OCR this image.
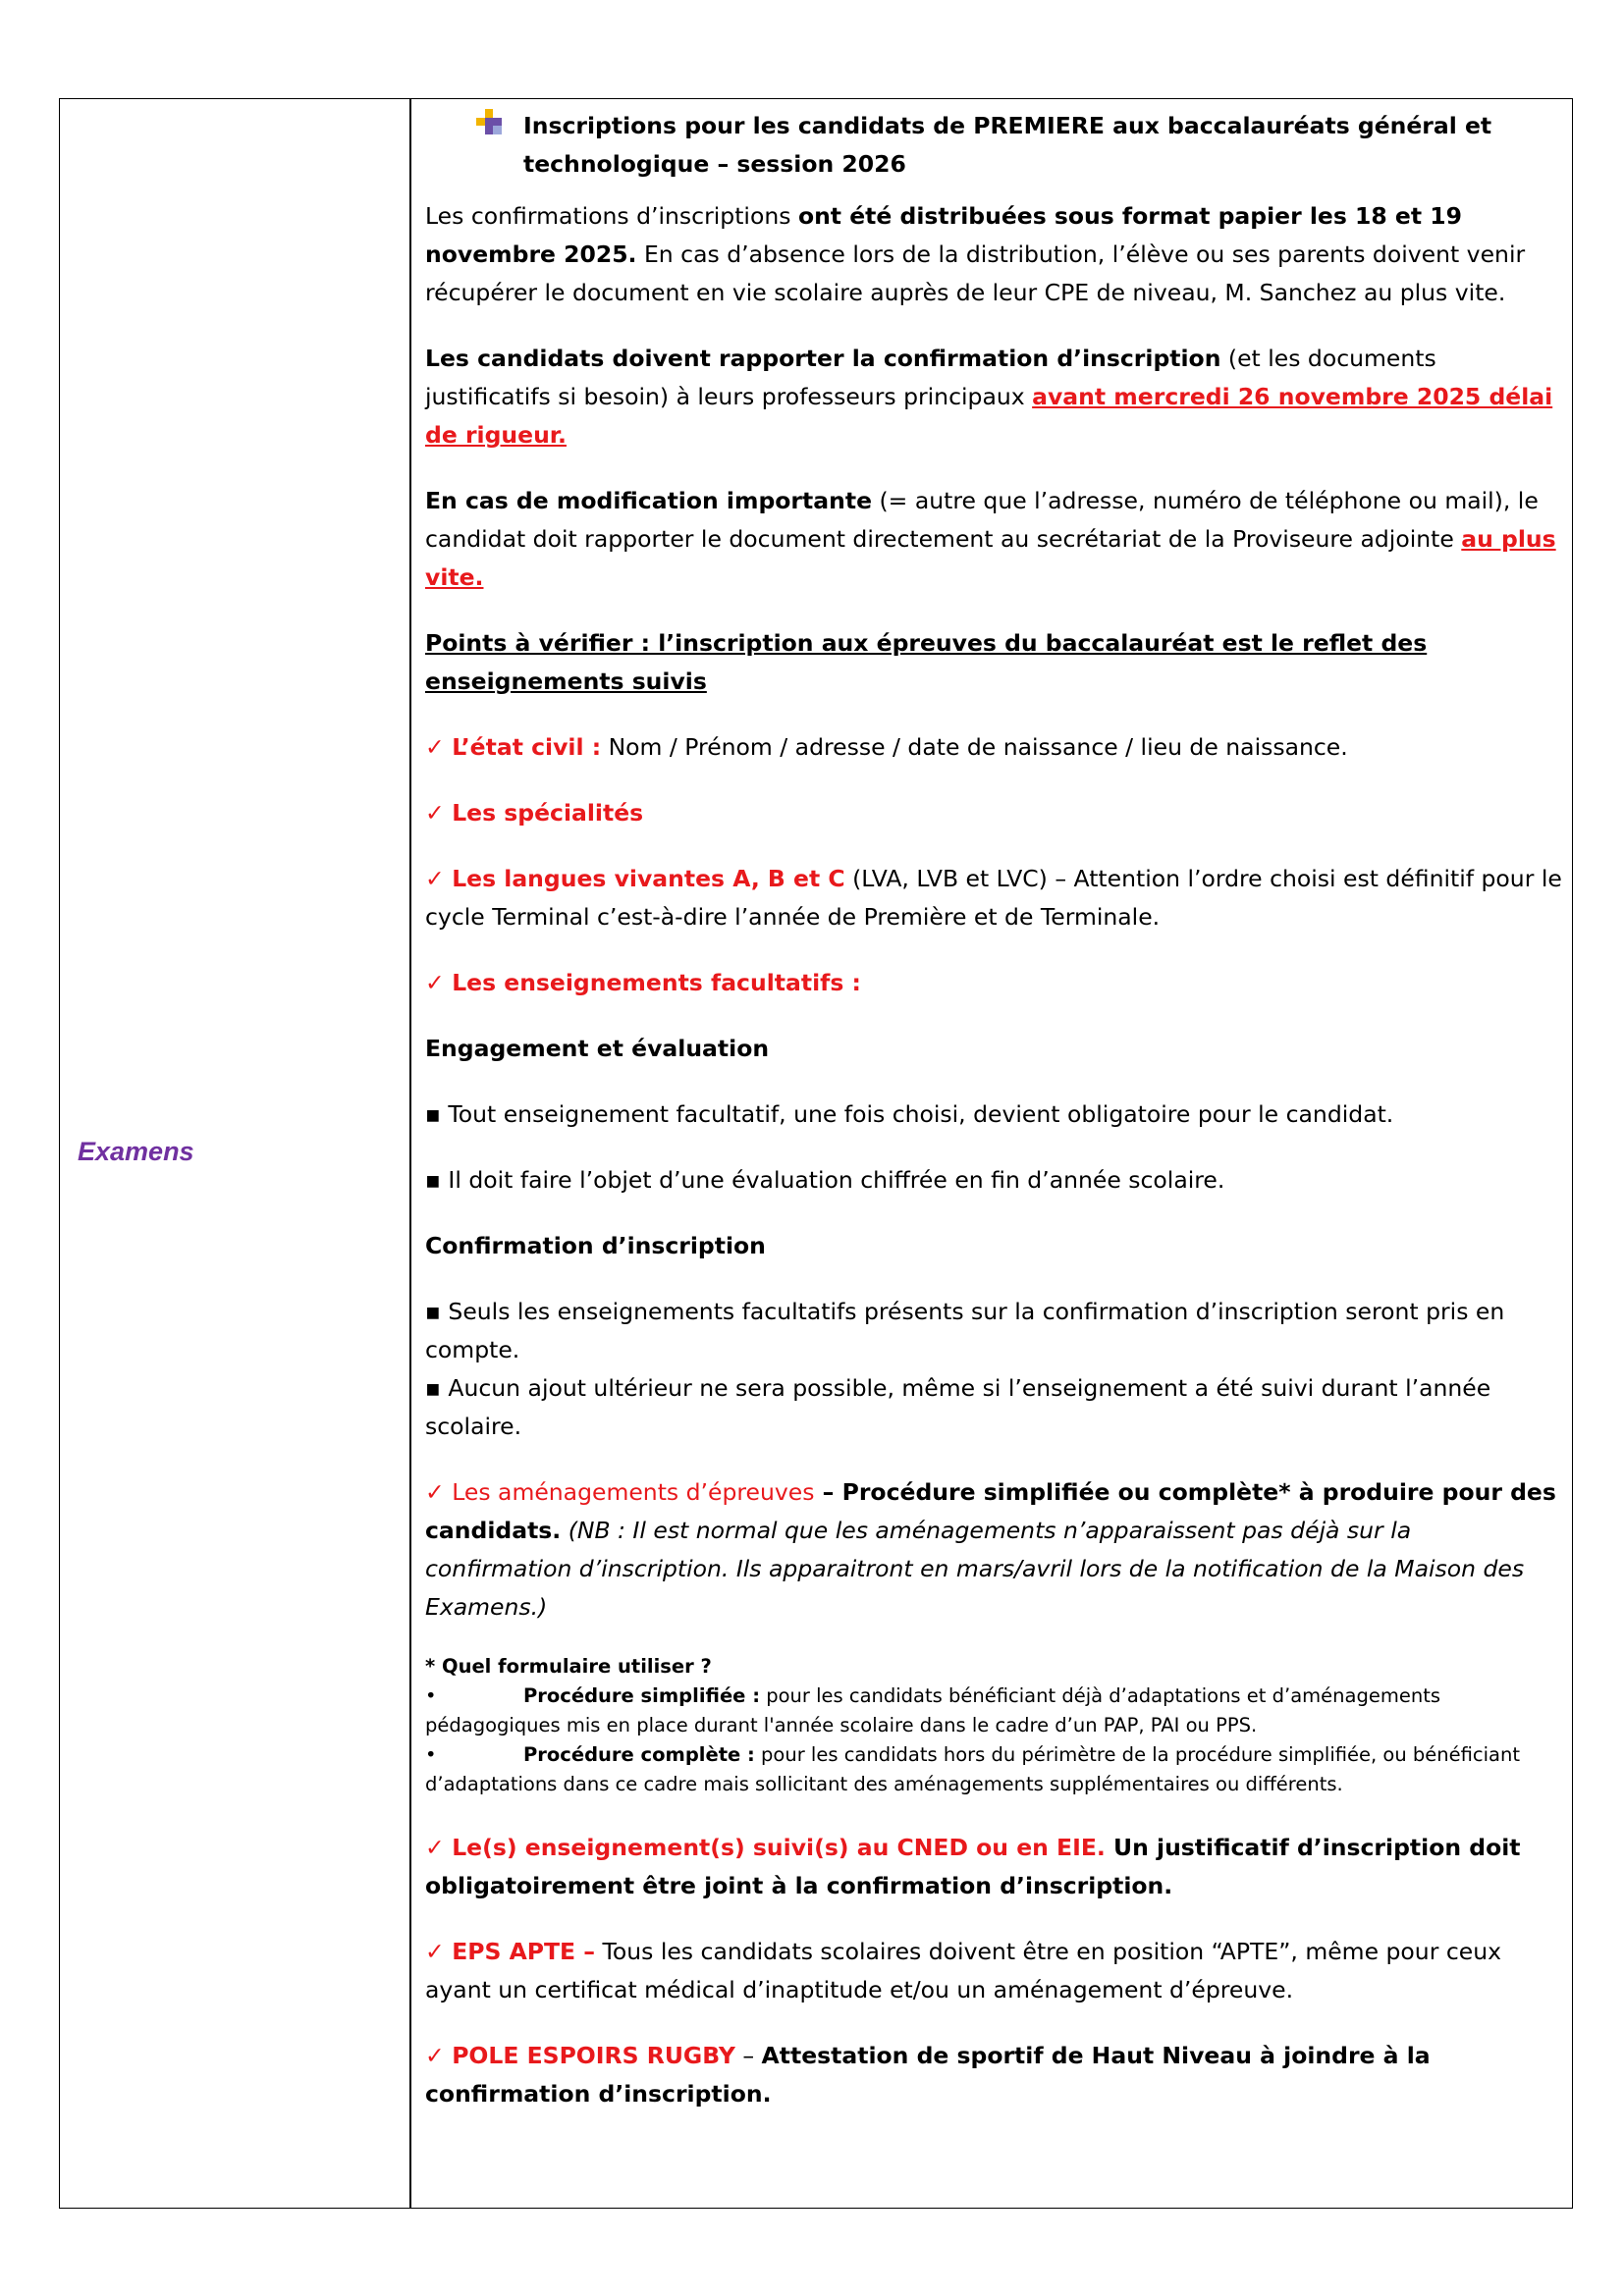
Examens
Inscriptions pour les candidats de PREMIERE aux baccalauréats général et technologique – session 2026

Les confirmations d’inscriptions ont été distribuées sous format papier les 18 et 19 novembre 2025. En cas d’absence lors de la distribution, l’élève ou ses parents doivent venir récupérer le document en vie scolaire auprès de leur CPE de niveau, M. Sanchez au plus vite.

Les candidats doivent rapporter la confirmation d’inscription (et les documents justificatifs si besoin) à leurs professeurs principaux avant mercredi 26 novembre 2025 délai de rigueur.

En cas de modification importante (= autre que l’adresse, numéro de téléphone ou mail), le candidat doit rapporter le document directement au secrétariat de la Proviseure adjointe au plus vite.

Points à vérifier : l’inscription aux épreuves du baccalauréat est le reflet des enseignements suivis

✓ L’état civil : Nom / Prénom / adresse / date de naissance / lieu de naissance.

✓ Les spécialités

✓ Les langues vivantes A, B et C (LVA, LVB et LVC) – Attention l’ordre choisi est définitif pour le cycle Terminal c’est-à-dire l’année de Première et de Terminale.

✓ Les enseignements facultatifs :

Engagement et évaluation

▪ Tout enseignement facultatif, une fois choisi, devient obligatoire pour le candidat.

▪ Il doit faire l’objet d’une évaluation chiffrée en fin d’année scolaire.

Confirmation d’inscription

▪ Seuls les enseignements facultatifs présents sur la confirmation d’inscription seront pris en compte.

▪ Aucun ajout ultérieur ne sera possible, même si l’enseignement a été suivi durant l’année scolaire.

✓ Les aménagements d’épreuves – Procédure simplifiée ou complète* à produire pour des candidats. (NB : Il est normal que les aménagements n’apparaissent pas déjà sur la confirmation d’inscription. Ils apparaitront en mars/avril lors de la notification de la Maison des Examens.)

* Quel formulaire utiliser ?
•	Procédure simplifiée : pour les candidats bénéficiant déjà d’adaptations et d’aménagements pédagogiques mis en place durant l'année scolaire dans le cadre d’un PAP, PAI ou PPS.
•	Procédure complète : pour les candidats hors du périmètre de la procédure simplifiée, ou bénéficiant d’adaptations dans ce cadre mais sollicitant des aménagements supplémentaires ou différents.

✓ Le(s) enseignement(s) suivi(s) au CNED ou en EIE. Un justificatif d’inscription doit obligatoirement être joint à la confirmation d’inscription.

✓ EPS APTE – Tous les candidats scolaires doivent être en position “APTE”, même pour ceux ayant un certificat médical d’inaptitude et/ou un aménagement d’épreuve.

✓ POLE ESPOIRS RUGBY – Attestation de sportif de Haut Niveau à joindre à la confirmation d’inscription.
